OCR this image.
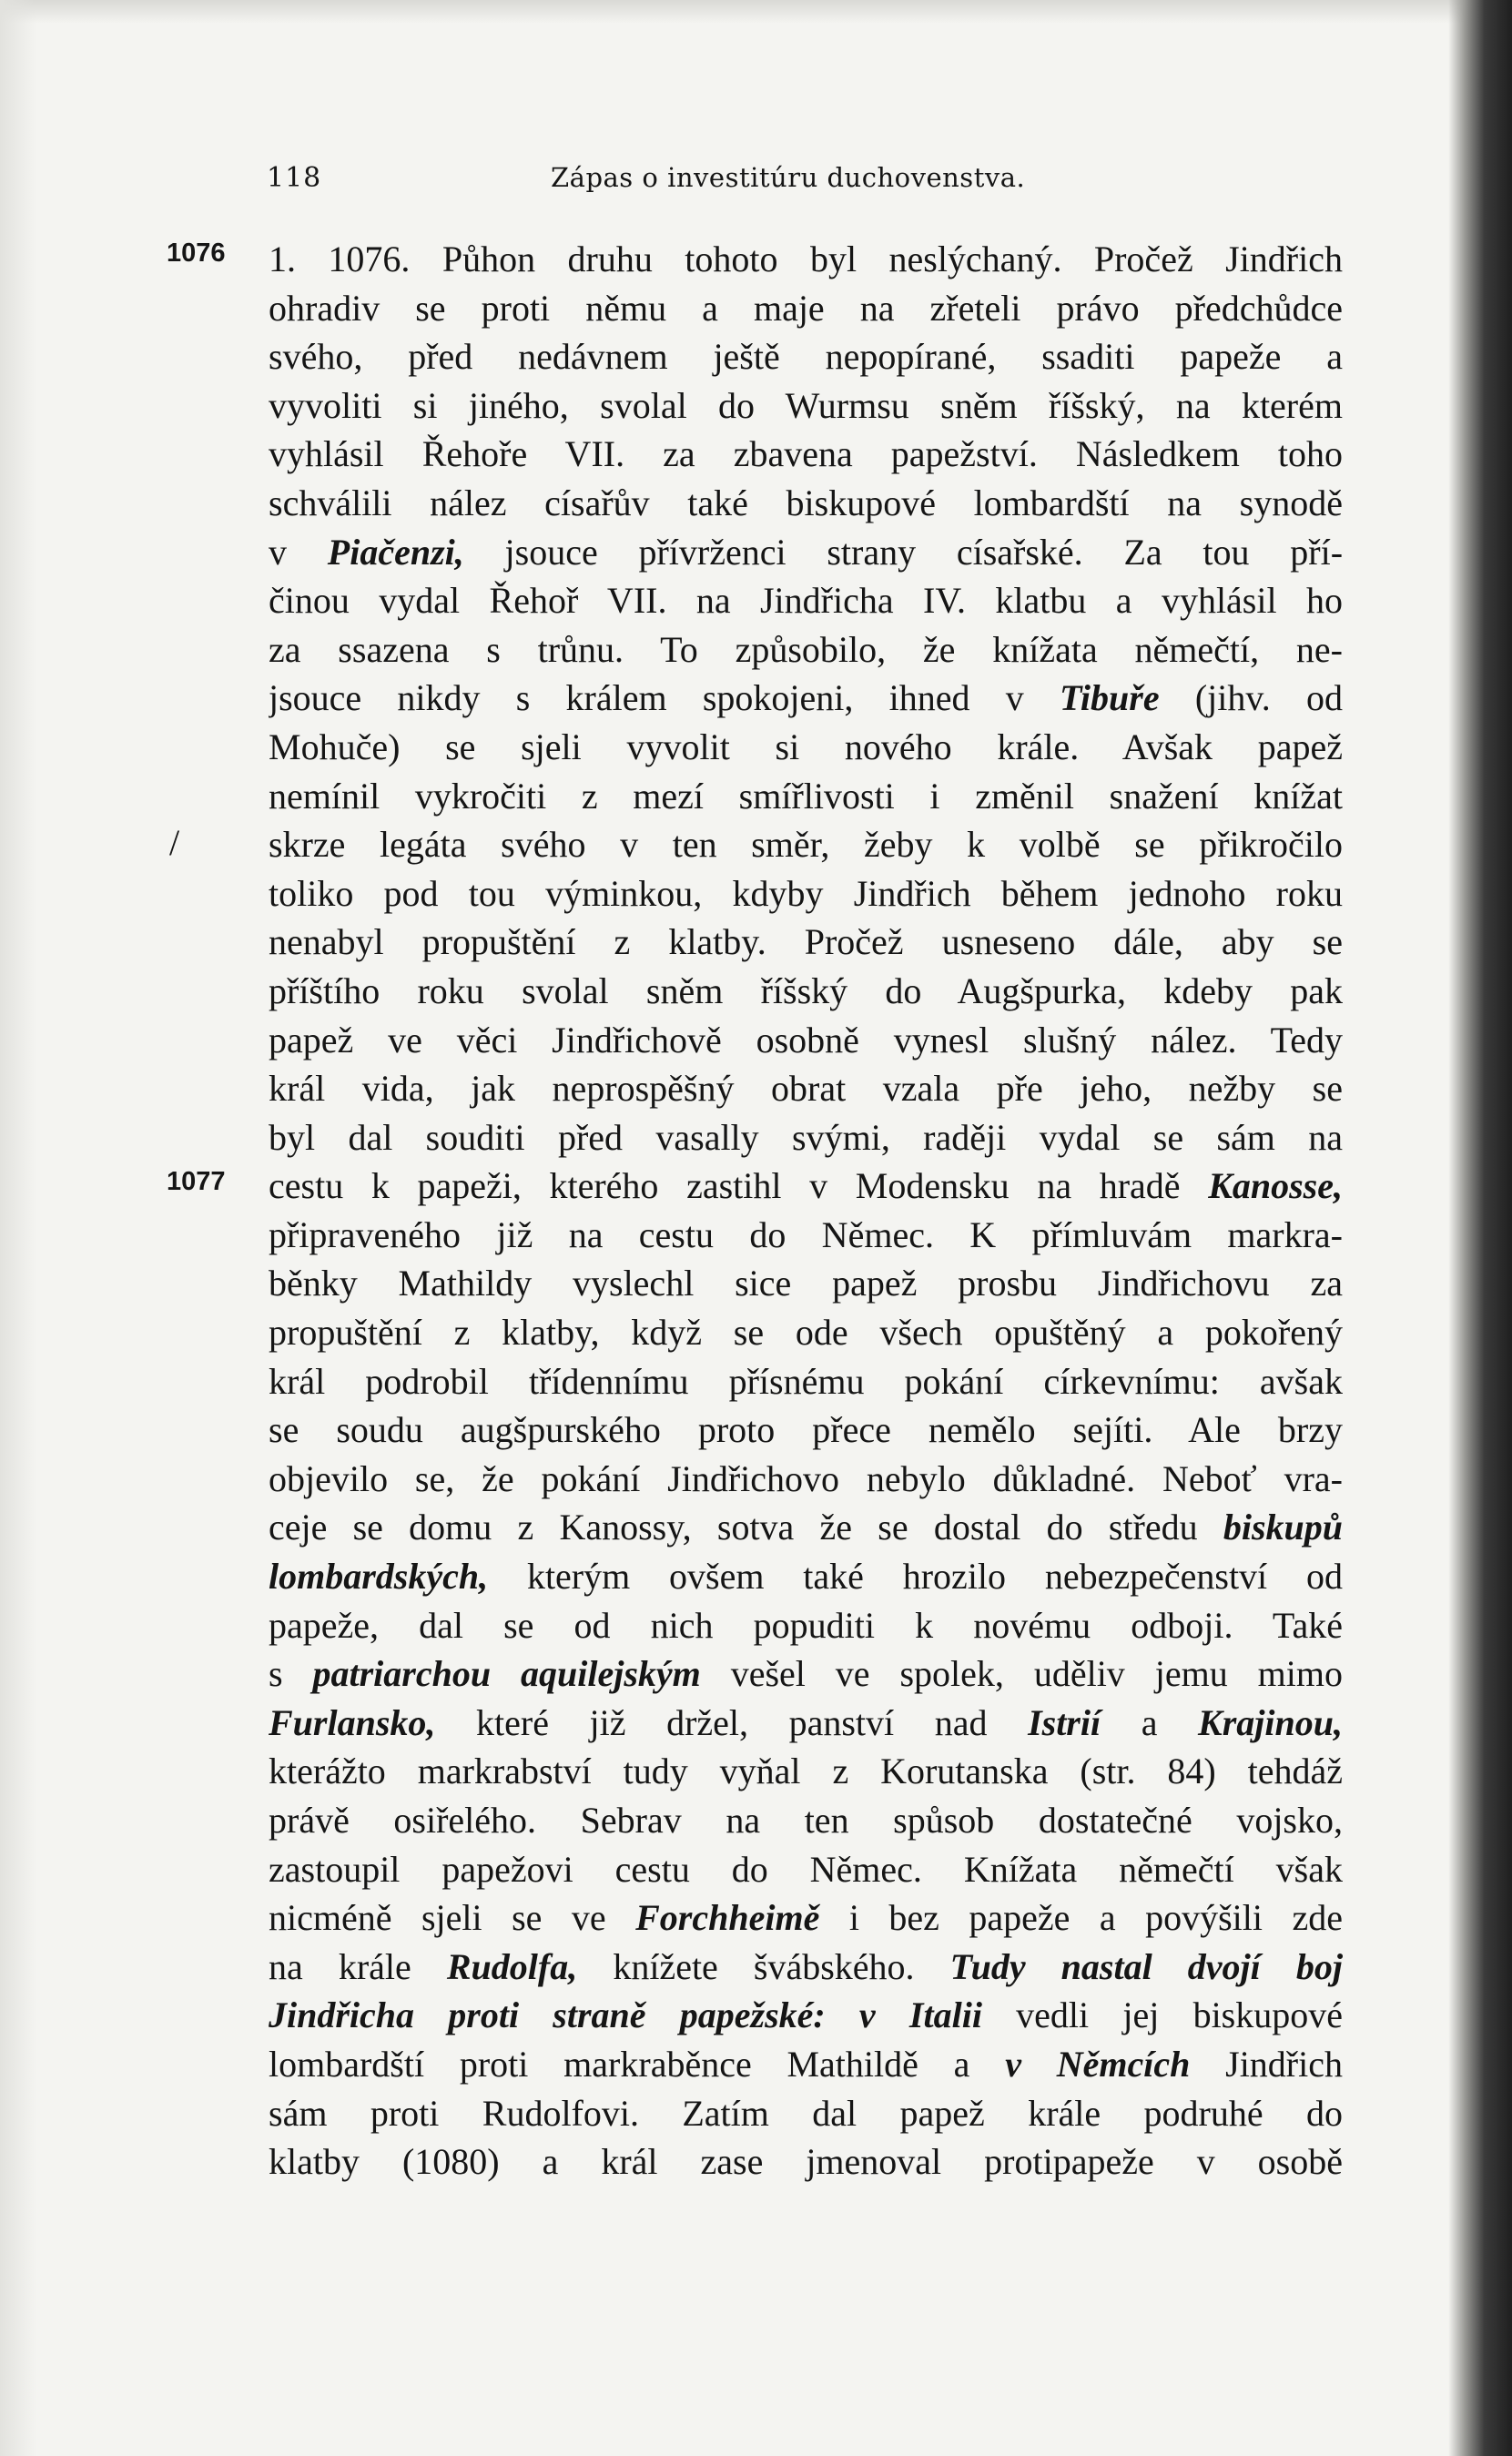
118	Zápas o investitúru duchovenstva.
1076
/
1077
1. 1076. Půhon druhu tohoto byl neslýchaný. Pročež Jindřich
ohradiv se proti němu a maje na zřeteli právo předchůdce
svého, před nedávnem ještě nepopírané, ssaditi papeže a
vyvoliti si jiného, svolal do Wurmsu sněm říšský, na kterém
vyhlásil Řehoře VII. za zbavena papežství. Následkem toho
schválili nález císařův také biskupové lombardští na synodě
v Piačenzi, jsouce přívrženci strany císařské. Za tou pří-
činou vydal Řehoř VII. na Jindřicha IV. klatbu a vyhlásil ho
za ssazena s trůnu. To způsobilo, že knížata němečtí, ne-
jsouce nikdy s králem spokojeni, ihned v Tibuře (jihv. od
Mohuče) se sjeli vyvolit si nového krále. Avšak papež
nemínil vykročiti z mezí smířlivosti i změnil snažení knížat
skrze legáta svého v ten směr, žeby k volbě se přikročilo
toliko pod tou výminkou, kdyby Jindřich během jednoho roku
nenabyl propuštění z klatby. Pročež usneseno dále, aby se
příštího roku svolal sněm říšský do Augšpurka, kdeby pak
papež ve věci Jindřichově osobně vynesl slušný nález. Tedy
král vida, jak neprospěšný obrat vzala pře jeho, nežby se
byl dal souditi před vasally svými, raději vydal se sám na
cestu k papeži, kterého zastihl v Modensku na hradě Kanosse,
připraveného již na cestu do Němec. K přímluvám markra-
běnky Mathildy vyslechl sice papež prosbu Jindřichovu za
propuštění z klatby, když se ode všech opuštěný a pokořený
král podrobil třídennímu přísnému pokání církevnímu: avšak
se soudu augšpurského proto přece nemělo sejíti. Ale brzy
objevilo se, že pokání Jindřichovo nebylo důkladné. Neboť vra-
ceje se domu z Kanossy, sotva že se dostal do středu biskupů
lombardských, kterým ovšem také hrozilo nebezpečenství od
papeže, dal se od nich popuditi k novému odboji. Také
s patriarchou aquilejským vešel ve spolek, uděliv jemu mimo
Furlansko, které již držel, panství nad Istrií a Krajinou,
kterážto markrabství tudy vyňal z Korutanska (str. 84) tehdáž
právě osiřelého. Sebrav na ten spůsob dostatečné vojsko,
zastoupil papežovi cestu do Němec. Knížata němečtí však
nicméně sjeli se ve Forchheimě i bez papeže a povýšili zde
na krále Rudolfa, knížete švábského. Tudy nastal dvojí boj
Jindřicha proti straně papežské: v Italii vedli jej biskupové
lombardští proti markraběnce Mathildě a v Němcích Jindřich
sám proti Rudolfovi. Zatím dal papež krále podruhé do
klatby (1080) a král zase jmenoval protipapeže v osobě
